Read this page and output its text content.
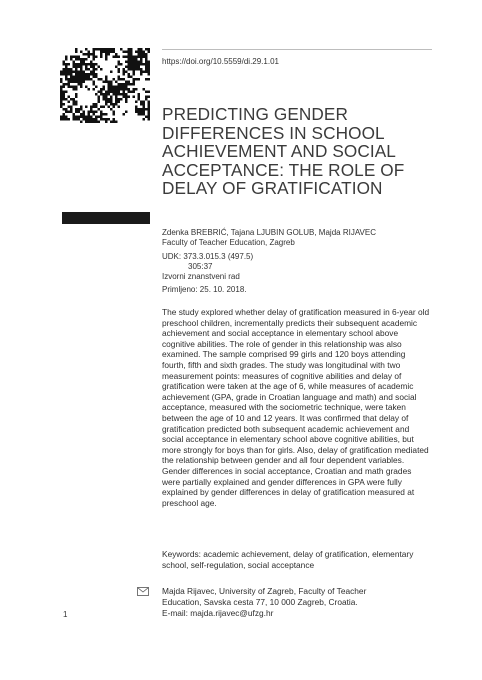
https://doi.org/10.5559/di.29.1.01
PREDICTING GENDER DIFFERENCES IN SCHOOL ACHIEVEMENT AND SOCIAL ACCEPTANCE: THE ROLE OF DELAY OF GRATIFICATION
Zdenka BREBRIĆ, Tajana LJUBIN GOLUB, Majda RIJAVEC
Faculty of Teacher Education, Zagreb
UDK: 373.3.015.3 (497.5)
305:37
Izvorni znanstveni rad
Primljeno: 25. 10. 2018.

The study explored whether delay of gratification measured in 6-year old preschool children, incrementally predicts their subsequent academic achievement and social acceptance in elementary school above cognitive abilities. The role of gender in this relationship was also examined. The sample comprised 99 girls and 120 boys attending fourth, fifth and sixth grades. The study was longitudinal with two measurement points: measures of cognitive abilities and delay of gratification were taken at the age of 6, while measures of academic achievement (GPA, grade in Croatian language and math) and social acceptance, measured with the sociometric technique, were taken between the age of 10 and 12 years. It was confirmed that delay of gratification predicted both subsequent academic achievement and social acceptance in elementary school above cognitive abilities, but more strongly for boys than for girls. Also, delay of gratification mediated the relationship between gender and all four dependent variables. Gender differences in social acceptance, Croatian and math grades were partially explained and gender differences in GPA were fully explained by gender differences in delay of gratification measured at preschool age.

Keywords: academic achievement, delay of gratification, elementary school, self-regulation, social acceptance

Majda Rijavec, University of Zagreb, Faculty of Teacher
Education, Savska cesta 77, 10 000 Zagreb, Croatia.
E-mail: majda.rijavec@ufzg.hr
1
